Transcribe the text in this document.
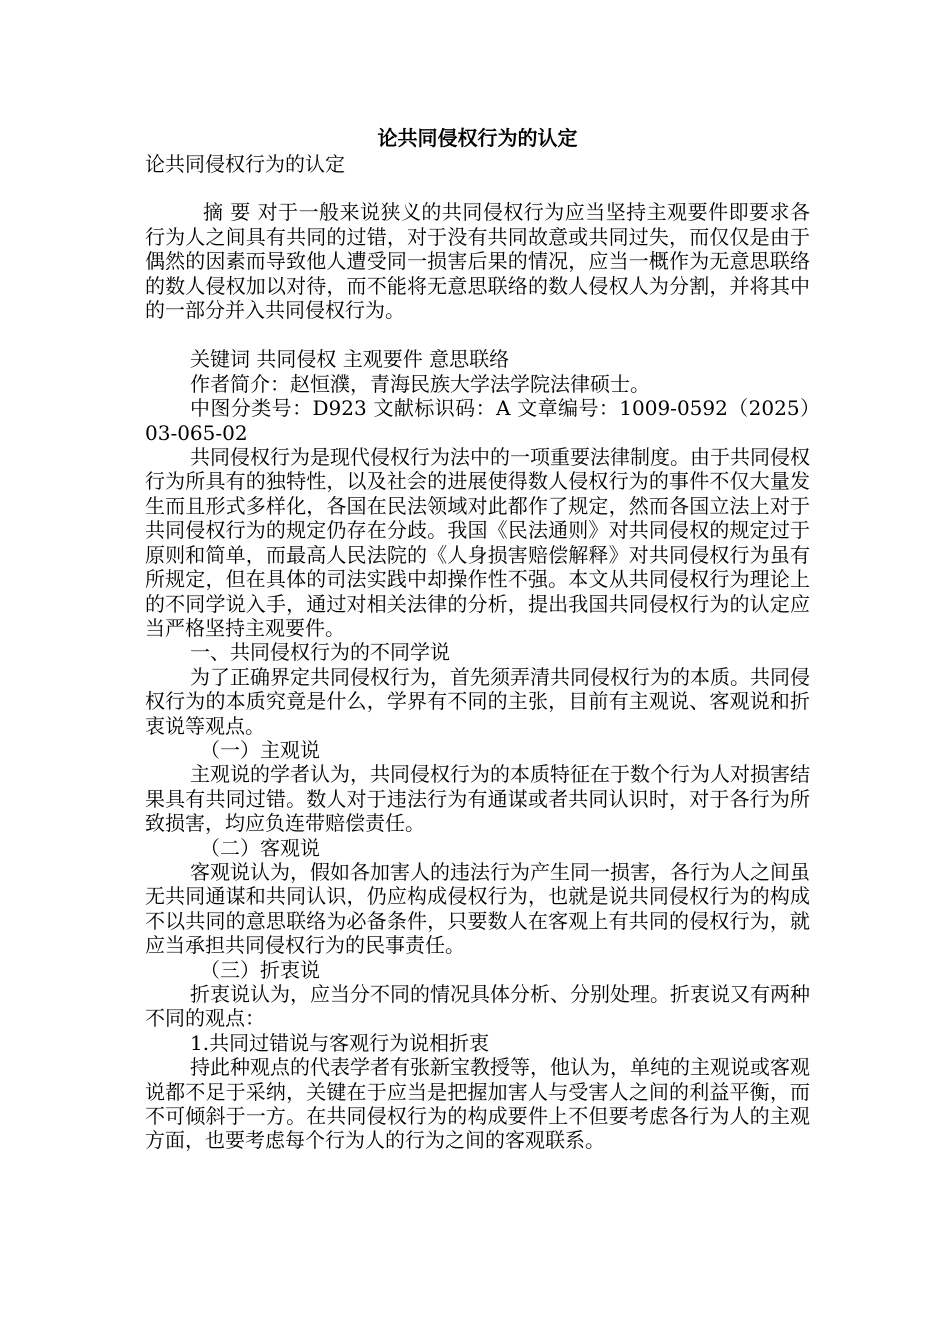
论共同侵权行为的认定

论共同侵权行为的认定

摘 要 对于一般来说狭义的共同侵权行为应当坚持主观要件即要求各行为人之间具有共同的过错，对于没有共同故意或共同过失，而仅仅是由于偶然的因素而导致他人遭受同一损害后果的情况，应当一概作为无意思联络的数人侵权加以对待，而不能将无意思联络的数人侵权人为分割，并将其中的一部分并入共同侵权行为。

关键词 共同侵权 主观要件 意思联络

作者简介：赵恒濮，青海民族大学法学院法律硕士。

中图分类号：D923 文献标识码：A 文章编号：1009-0592（2025）03-065-02

共同侵权行为是现代侵权行为法中的一项重要法律制度。由于共同侵权行为所具有的独特性，以及社会的进展使得数人侵权行为的事件不仅大量发生而且形式多样化，各国在民法领域对此都作了规定，然而各国立法上对于共同侵权行为的规定仍存在分歧。我国《民法通则》对共同侵权的规定过于原则和简单，而最高人民法院的《人身损害赔偿解释》对共同侵权行为虽有所规定，但在具体的司法实践中却操作性不强。本文从共同侵权行为理论上的不同学说入手，通过对相关法律的分析，提出我国共同侵权行为的认定应当严格坚持主观要件。

一、共同侵权行为的不同学说

为了正确界定共同侵权行为，首先须弄清共同侵权行为的本质。共同侵权行为的本质究竟是什么，学界有不同的主张，目前有主观说、客观说和折衷说等观点。

（一）主观说

主观说的学者认为，共同侵权行为的本质特征在于数个行为人对损害结果具有共同过错。数人对于违法行为有通谋或者共同认识时，对于各行为所致损害，均应负连带赔偿责任。

（二）客观说

客观说认为，假如各加害人的违法行为产生同一损害，各行为人之间虽无共同通谋和共同认识，仍应构成侵权行为，也就是说共同侵权行为的构成不以共同的意思联络为必备条件，只要数人在客观上有共同的侵权行为，就应当承担共同侵权行为的民事责任。

（三）折衷说

折衷说认为，应当分不同的情况具体分析、分别处理。折衷说又有两种不同的观点：

1.共同过错说与客观行为说相折衷

持此种观点的代表学者有张新宝教授等，他认为，单纯的主观说或客观说都不足于采纳，关键在于应当是把握加害人与受害人之间的利益平衡，而不可倾斜于一方。在共同侵权行为的构成要件上不但要考虑各行为人的主观方面，也要考虑每个行为人的行为之间的客观联系。
